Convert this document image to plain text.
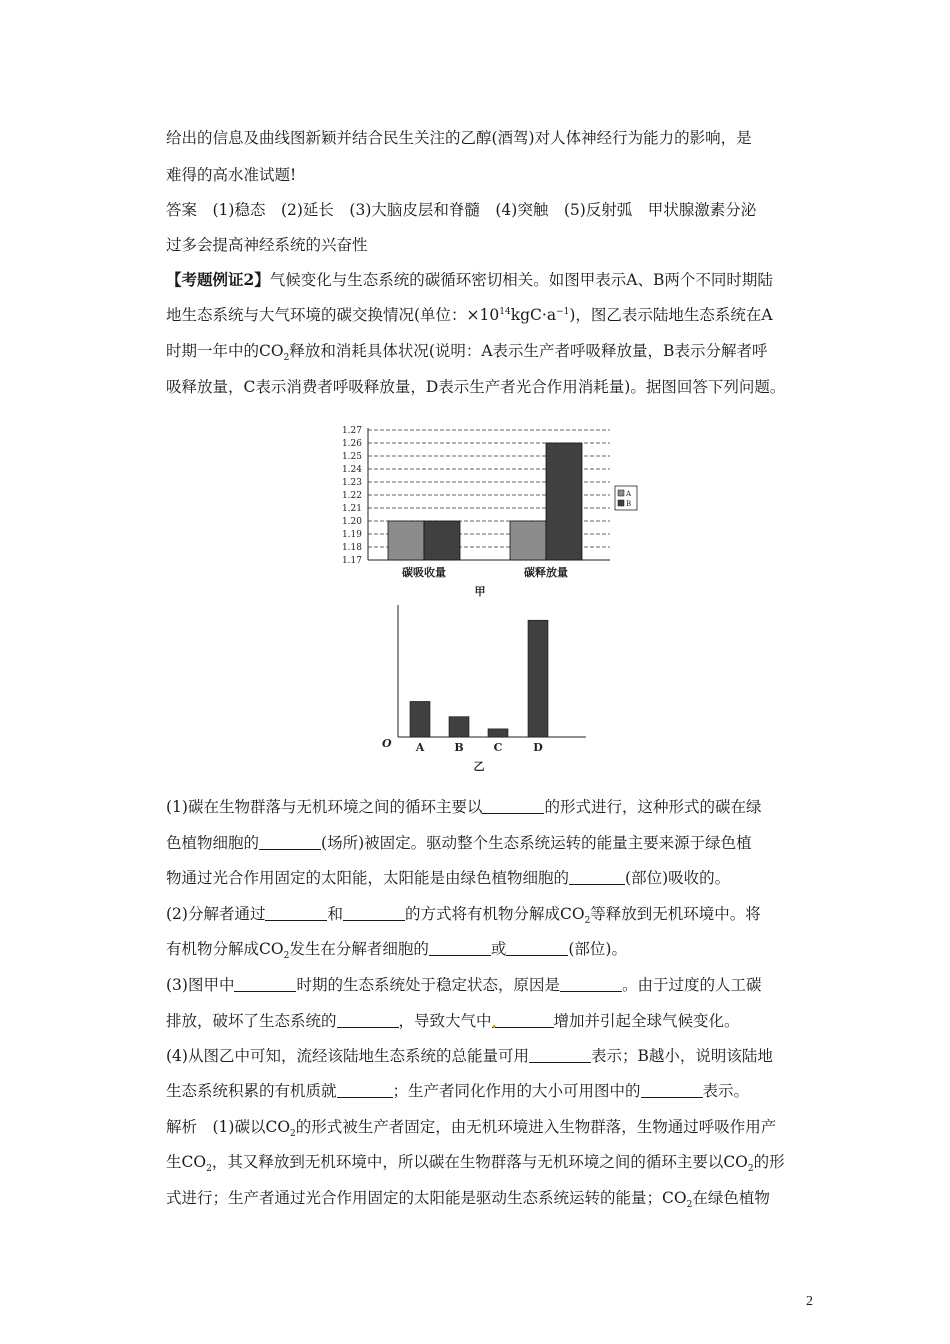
给出的信息及曲线图新颖并结合民生关注的乙醇(酒驾)对人体神经行为能力的影响，是
难得的高水准试题!
答案　(1)稳态　(2)延长　(3)大脑皮层和脊髓　(4)突触　(5)反射弧　甲状腺激素分泌
过多会提高神经系统的兴奋性
【考题例证2】气候变化与生态系统的碳循环密切相关。如图甲表示A、B两个不同时期陆
地生态系统与大气环境的碳交换情况(单位：$\times 10^{14}kgC\cdot a^{-1}$)，图乙表示陆地生态系统在A
时期一年中的$CO_2$释放和消耗具体状况(说明：A表示生产者呼吸释放量，B表示分解者呼
吸释放量，C表示消费者呼吸释放量，D表示生产者光合作用消耗量)。据图回答下列问题。
1.17
1.18
1.19
1.20
1.21
1.22
1.23
1.24
1.25
1.26
1.27
碳吸收量	碳释放量
A
B
甲
O A	B	C	D
乙
(1)碳在生物群落与无机环境之间的循环主要以	的形式进行，这种形式的碳在绿
色植物细胞的	(场所)被固定。驱动整个生态系统运转的能量主要来源于绿色植
物通过光合作用固定的太阳能，太阳能是由绿色植物细胞的	(部位)吸收的。
(2)分解者通过	和	的方式将有机物分解成$CO_2$等释放到无机环境中。将
有机物分解成$CO_2$发生在分解者细胞的	或	(部位)。
(3)图甲中	时期的生态系统处于稳定状态，原因是	。由于过度的人工碳
排放，破坏了生态系统的	，导致大气中.	增加并引起全球气候变化。
(4)从图乙中可知，流经该陆地生态系统的总能量可用	表示；B越小，说明该陆地
生态系统积累的有机质就	；生产者同化作用的大小可用图中的	表示。
解析　(1)碳以$CO_2$的形式被生产者固定，由无机环境进入生物群落，生物通过呼吸作用产
生$CO_2$，其又释放到无机环境中，所以碳在生物群落与无机环境之间的循环主要以$CO_2$的形
式进行；生产者通过光合作用固定的太阳能是驱动生态系统运转的能量；$CO_2$在绿色植物
2
